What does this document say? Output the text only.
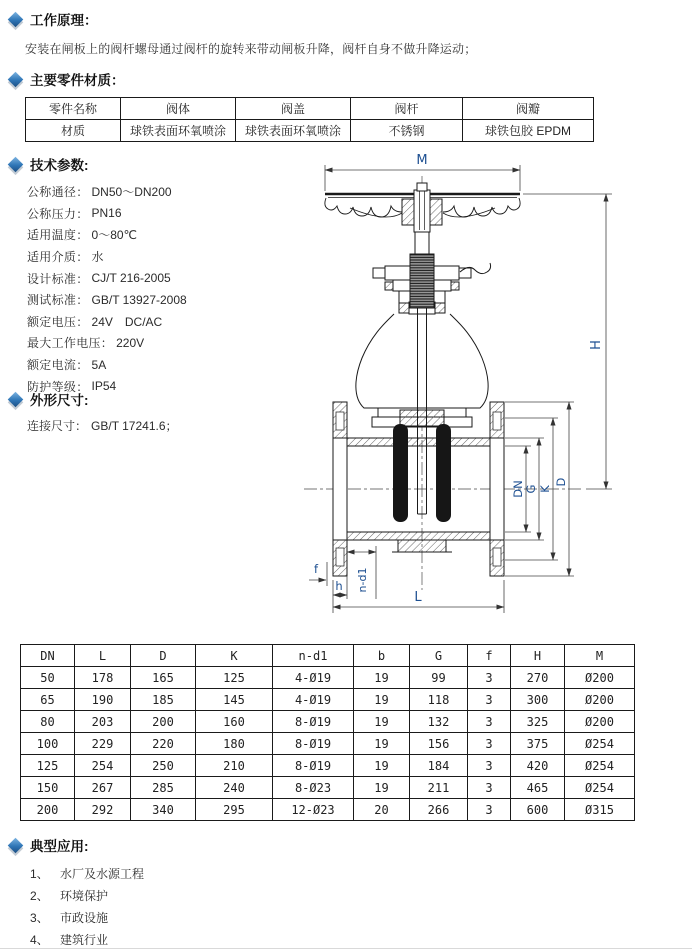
工作原理：
安装在闸板上的阀杆螺母通过阀杆的旋转来带动闸板升降，阀杆自身不做升降运动；
主要零件材质：
零件名称	阀体	阀盖	阀杆	阀瓣
材质	球铁表面环氧喷涂	球铁表面环氧喷涂	不锈钢	球铁包胶 EPDM
技术参数:
公称通径： DN50～DN200
公称压力： PN16
适用温度： 0～80℃
适用介质： 水
设计标准： CJ/T 216-2005
测试标准： GB/T 13927-2008
额定电压： 24V　DC/AC
最大工作电压： 220V
额定电流： 5A
防护等级： IP54
外形尺寸:
连接尺寸： GB/T 17241.6；
M
H
DN G K
D
L
f
h n-d1
DN	L	D	K	n-d1	b	G	f	H	M
50	178	165	125	4-Ø19	19	99	3	270	Ø200
65	190	185	145	4-Ø19	19	118	3	300	Ø200
80	203	200	160	8-Ø19	19	132	3	325	Ø200
100	229	220	180	8-Ø19	19	156	3	375	Ø254
125	254	250	210	8-Ø19	19	184	3	420	Ø254
150	267	285	240	8-Ø23	19	211	3	465	Ø254
200	292	340	295	12-Ø23	20	266	3	600	Ø315
典型应用:
1、 水厂及水源工程
2、 环境保护
3、 市政设施
4、 建筑行业
